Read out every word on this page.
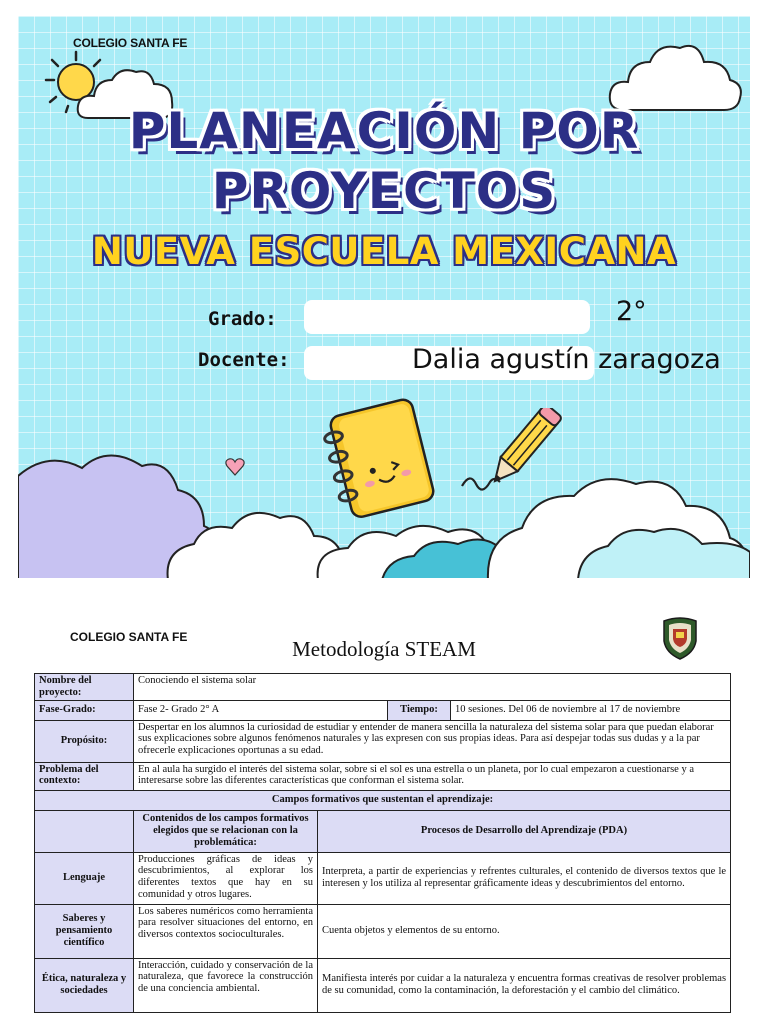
COLEGIO SANTA FE
PLANEACIÓN POR
PROYECTOS
NUEVA ESCUELA MEXICANA
Grado:	2°
Docente:	Dalia agustín zaragoza
COLEGIO SANTA FE	Metodología STEAM
Nombre del proyecto:	Conociendo el sistema solar			
Fase-Grado:	Fase 2- Grado 2° A		Tiempo:	10 sesiones. Del 06 de noviembre al 17 de noviembre
Propósito:	Despertar en los alumnos la curiosidad de estudiar y entender de manera sencilla la naturaleza del sistema solar para que puedan elaborar sus explicaciones sobre algunos fenómenos naturales y las expresen con sus propias ideas. Para así despejar todas sus dudas y a la par ofrecerle explicaciones oportunas a su edad.			
Problema del contexto:	En al aula ha surgido el interés del sistema solar, sobre si el sol es una estrella o un planeta, por lo cual empezaron a cuestionarse y a interesarse sobre las diferentes características que conforman el sistema solar.			
Campos formativos que sustentan el aprendizaje:				
	Contenidos de los campos formativos elegidos que se relacionan con la problemática:	Procesos de Desarrollo del Aprendizaje (PDA)		
Lenguaje	Producciones gráficas de ideas y descubrimientos, al explorar los diferentes textos que hay en su comunidad y otros lugares.	Interpreta, a partir de experiencias y refrentes culturales, el contenido de diversos textos que le interesen y los utiliza al representar gráficamente ideas y descubrimientos del entorno.		
Saberes y pensamiento científico	Los saberes numéricos como herramienta para resolver situaciones del entorno, en diversos contextos socioculturales.	Cuenta objetos y elementos de su entorno.		
Ética, naturaleza y sociedades	Interacción, cuidado y conservación de la naturaleza, que favorece la construcción de una conciencia ambiental.	Manifiesta interés por cuidar a la naturaleza y encuentra formas creativas de resolver problemas de su comunidad, como la contaminación, la deforestación y el cambio del climático.		
